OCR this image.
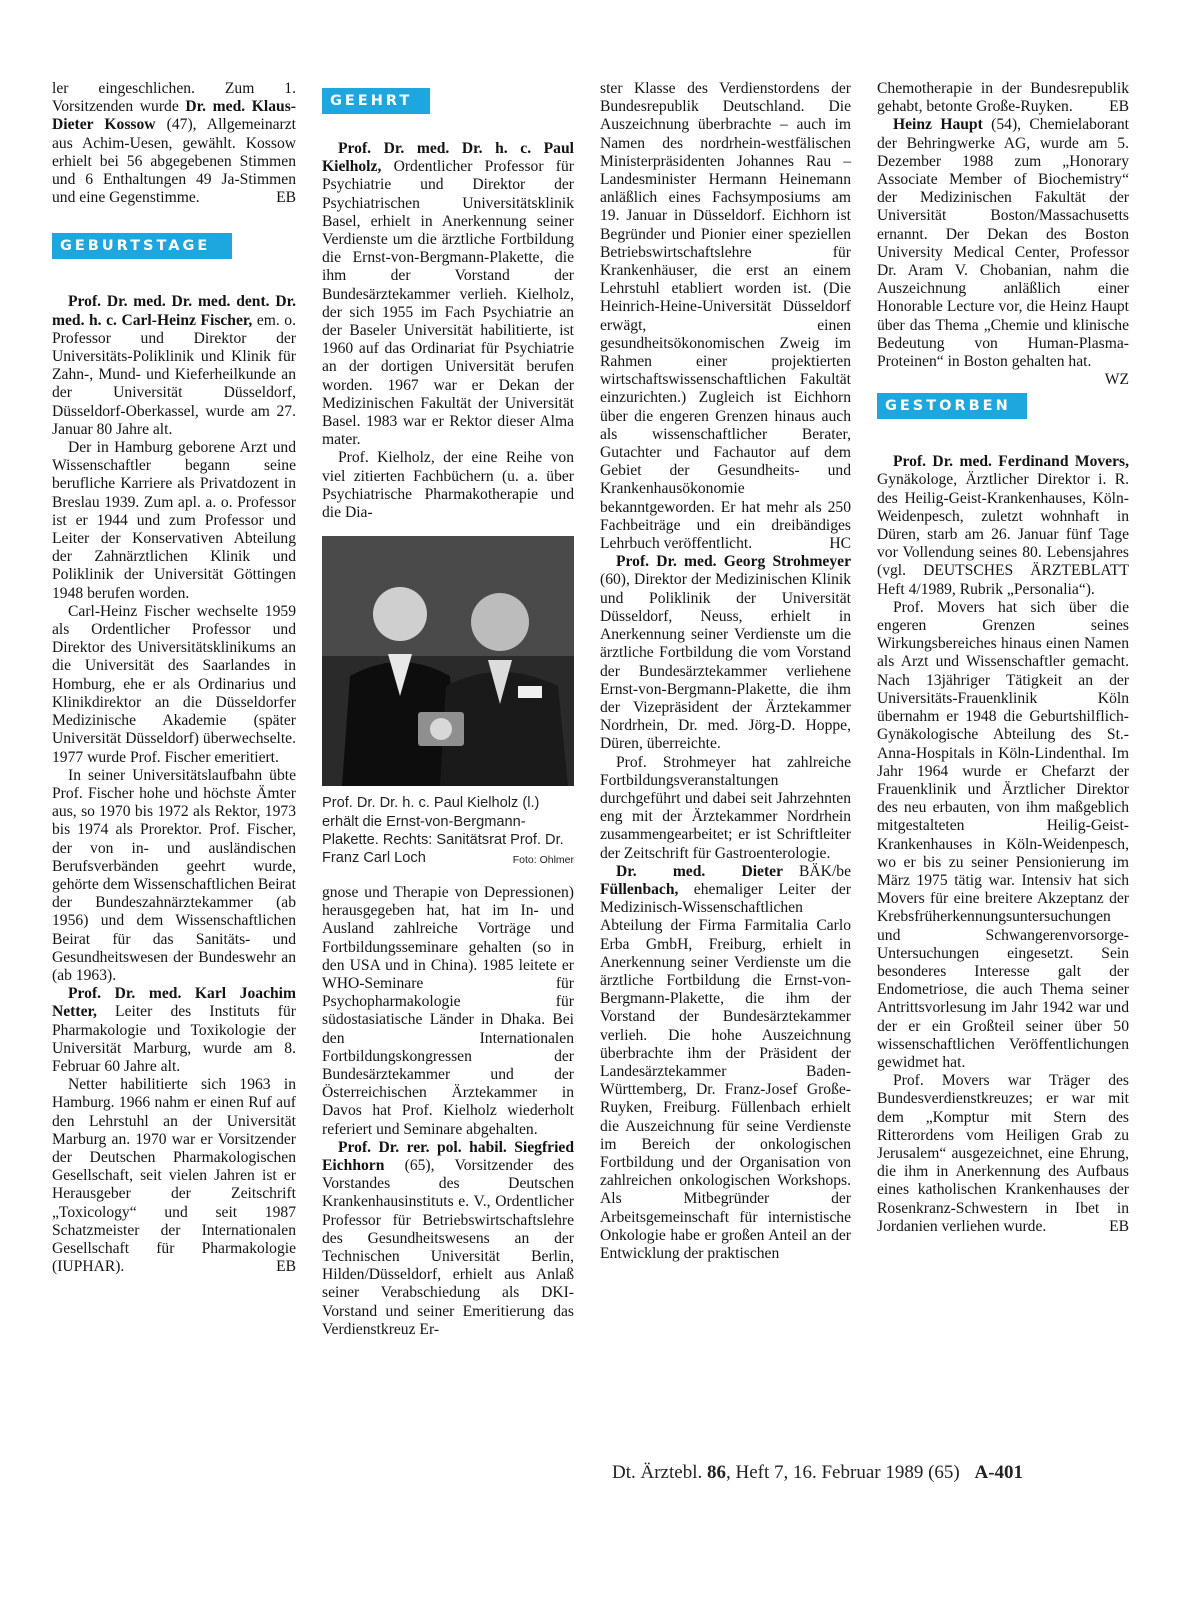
ler eingeschlichen. Zum 1. Vorsitzenden wurde Dr. med. Klaus-Dieter Kossow (47), Allgemeinarzt aus Achim-Uesen, gewählt. Kossow erhielt bei 56 abgegebenen Stimmen und 6 Enthaltungen 49 Ja-Stimmen und eine Gegenstimme.	EB

GEBURTSTAGE

Prof. Dr. med. Dr. med. dent. Dr. med. h. c. Carl-Heinz Fischer, em. o. Professor und Direktor der Universitäts-Poliklinik und Klinik für Zahn-, Mund- und Kieferheilkunde an der Universität Düsseldorf, Düsseldorf-Oberkassel, wurde am 27. Januar 80 Jahre alt.

Der in Hamburg geborene Arzt und Wissenschaftler begann seine berufliche Karriere als Privatdozent in Breslau 1939. Zum apl. a. o. Professor ist er 1944 und zum Professor und Leiter der Konservativen Abteilung der Zahnärztlichen Klinik und Poliklinik der Universität Göttingen 1948 berufen worden.

Carl-Heinz Fischer wechselte 1959 als Ordentlicher Professor und Direktor des Universitätsklinikums an die Universität des Saarlandes in Homburg, ehe er als Ordinarius und Klinikdirektor an die Düsseldorfer Medizinische Akademie (später Universität Düsseldorf) überwechselte. 1977 wurde Prof. Fischer emeritiert.

In seiner Universitätslaufbahn übte Prof. Fischer hohe und höchste Ämter aus, so 1970 bis 1972 als Rektor, 1973 bis 1974 als Prorektor. Prof. Fischer, der von in- und ausländischen Berufsverbänden geehrt wurde, gehörte dem Wissenschaftlichen Beirat der Bundeszahnärztekammer (ab 1956) und dem Wissenschaftlichen Beirat für das Sanitäts- und Gesundheitswesen der Bundeswehr an (ab 1963).

Prof. Dr. med. Karl Joachim Netter, Leiter des Instituts für Pharmakologie und Toxikologie der Universität Marburg, wurde am 8. Februar 60 Jahre alt.

Netter habilitierte sich 1963 in Hamburg. 1966 nahm er einen Ruf auf den Lehrstuhl an der Universität Marburg an. 1970 war er Vorsitzender der Deutschen Pharmakologischen Gesellschaft, seit vielen Jahren ist er Herausgeber der Zeitschrift „Toxicology“ und seit 1987 Schatzmeister der Internationalen Gesellschaft für Pharmakologie (IUPHAR).	EB

GEEHRT

Prof. Dr. med. Dr. h. c. Paul Kielholz, Ordentlicher Professor für Psychiatrie und Direktor der Psychiatrischen Universitätsklinik Basel, erhielt in Anerkennung seiner Verdienste um die ärztliche Fortbildung die Ernst-von-Bergmann-Plakette, die ihm der Vorstand der Bundesärztekammer verlieh. Kielholz, der sich 1955 im Fach Psychiatrie an der Baseler Universität habilitierte, ist 1960 auf das Ordinariat für Psychiatrie an der dortigen Universität berufen worden. 1967 war er Dekan der Medizinischen Fakultät der Universität Basel. 1983 war er Rektor dieser Alma mater.

Prof. Kielholz, der eine Reihe von viel zitierten Fachbüchern (u. a. über Psychiatrische Pharmakotherapie und die Dia-

Prof. Dr. Dr. h. c. Paul Kielholz (l.) erhält die Ernst-von-Bergmann-Plakette. Rechts: Sanitätsrat Prof. Dr. Franz Carl Loch	Foto: Ohlmer

gnose und Therapie von Depressionen) herausgegeben hat, hat im In- und Ausland zahlreiche Vorträge und Fortbildungsseminare gehalten (so in den USA und in China). 1985 leitete er WHO-Seminare für Psychopharmakologie für südostasiatische Länder in Dhaka. Bei den Internationalen Fortbildungskongressen der Bundesärztekammer und der Österreichischen Ärztekammer in Davos hat Prof. Kielholz wiederholt referiert und Seminare abgehalten.

Prof. Dr. rer. pol. habil. Siegfried Eichhorn (65), Vorsitzender des Vorstandes des Deutschen Krankenhausinstituts e. V., Ordentlicher Professor für Betriebswirtschaftslehre des Gesundheitswesens an der Technischen Universität Berlin, Hilden/Düsseldorf, erhielt aus Anlaß seiner Verabschiedung als DKI-Vorstand und seiner Emeritierung das Verdienstkreuz Er-

ster Klasse des Verdienstordens der Bundesrepublik Deutschland. Die Auszeichnung überbrachte – auch im Namen des nordrhein-westfälischen Ministerpräsidenten Johannes Rau – Landesminister Hermann Heinemann anläßlich eines Fachsymposiums am 19. Januar in Düsseldorf. Eichhorn ist Begründer und Pionier einer speziellen Betriebswirtschaftslehre für Krankenhäuser, die erst an einem Lehrstuhl etabliert worden ist. (Die Heinrich-Heine-Universität Düsseldorf erwägt, einen gesundheitsökonomischen Zweig im Rahmen einer projektierten wirtschaftswissenschaftlichen Fakultät einzurichten.) Zugleich ist Eichhorn über die engeren Grenzen hinaus auch als wissenschaftlicher Berater, Gutachter und Fachautor auf dem Gebiet der Gesundheits- und Krankenhausökonomie bekanntgeworden. Er hat mehr als 250 Fachbeiträge und ein dreibändiges Lehrbuch veröffentlicht.	HC

Prof. Dr. med. Georg Strohmeyer (60), Direktor der Medizinischen Klinik und Poliklinik der Universität Düsseldorf, Neuss, erhielt in Anerkennung seiner Verdienste um die ärztliche Fortbildung die vom Vorstand der Bundesärztekammer verliehene Ernst-von-Bergmann-Plakette, die ihm der Vizepräsident der Ärztekammer Nordrhein, Dr. med. Jörg-D. Hoppe, Düren, überreichte.

Prof. Strohmeyer hat zahlreiche Fortbildungsveranstaltungen durchgeführt und dabei seit Jahrzehnten eng mit der Ärztekammer Nordrhein zusammengearbeitet; er ist Schriftleiter der Zeitschrift für Gastroenterologie.
BÄK/be

Dr. med. Dieter Füllenbach, ehemaliger Leiter der Medizinisch-Wissenschaftlichen Abteilung der Firma Farmitalia Carlo Erba GmbH, Freiburg, erhielt in Anerkennung seiner Verdienste um die ärztliche Fortbildung die Ernst-von-Bergmann-Plakette, die ihm der Vorstand der Bundesärztekammer verlieh. Die hohe Auszeichnung überbrachte ihm der Präsident der Landesärztekammer Baden-Württemberg, Dr. Franz-Josef Große-Ruyken, Freiburg. Füllenbach erhielt die Auszeichnung für seine Verdienste im Bereich der onkologischen Fortbildung und der Organisation von zahlreichen onkologischen Workshops. Als Mitbegründer der Arbeitsgemeinschaft für internistische Onkologie habe er großen Anteil an der Entwicklung der praktischen

Chemotherapie in der Bundesrepublik gehabt, betonte Große-Ruyken. EB

Heinz Haupt (54), Chemielaborant der Behringwerke AG, wurde am 5. Dezember 1988 zum „Honorary Associate Member of Biochemistry“ der Medizinischen Fakultät der Universität Boston/Massachusetts ernannt. Der Dekan des Boston University Medical Center, Professor Dr. Aram V. Chobanian, nahm die Auszeichnung anläßlich einer Honorable Lecture vor, die Heinz Haupt über das Thema „Chemie und klinische Bedeutung von Human-Plasma-Proteinen“ in Boston gehalten hat.
WZ

GESTORBEN

Prof. Dr. med. Ferdinand Movers, Gynäkologe, Ärztlicher Direktor i. R. des Heilig-Geist-Krankenhauses, Köln-Weidenpesch, zuletzt wohnhaft in Düren, starb am 26. Januar fünf Tage vor Vollendung seines 80. Lebensjahres (vgl. DEUTSCHES ÄRZTEBLATT Heft 4/1989, Rubrik „Personalia“).

Prof. Movers hat sich über die engeren Grenzen seines Wirkungsbereiches hinaus einen Namen als Arzt und Wissenschaftler gemacht. Nach 13jähriger Tätigkeit an der Universitäts-Frauenklinik Köln übernahm er 1948 die Geburtshilflich-Gynäkologische Abteilung des St.-Anna-Hospitals in Köln-Lindenthal. Im Jahr 1964 wurde er Chefarzt der Frauenklinik und Ärztlicher Direktor des neu erbauten, von ihm maßgeblich mitgestalteten Heilig-Geist-Krankenhauses in Köln-Weidenpesch, wo er bis zu seiner Pensionierung im März 1975 tätig war. Intensiv hat sich Movers für eine breitere Akzeptanz der Krebsfrüherkennungsuntersuchungen und Schwangerenvorsorge-Untersuchungen eingesetzt. Sein besonderes Interesse galt der Endometriose, die auch Thema seiner Antrittsvorlesung im Jahr 1942 war und der er ein Großteil seiner über 50 wissenschaftlichen Veröffentlichungen gewidmet hat.

Prof. Movers war Träger des Bundesverdienstkreuzes; er war mit dem „Komptur mit Stern des Ritterordens vom Heiligen Grab zu Jerusalem“ ausgezeichnet, eine Ehrung, die ihm in Anerkennung des Aufbaus eines katholischen Krankenhauses der Rosenkranz-Schwestern in Ibet in Jordanien verliehen wurde.	EB

Dt. Ärztebl. 86, Heft 7, 16. Februar 1989 (65) A-401
